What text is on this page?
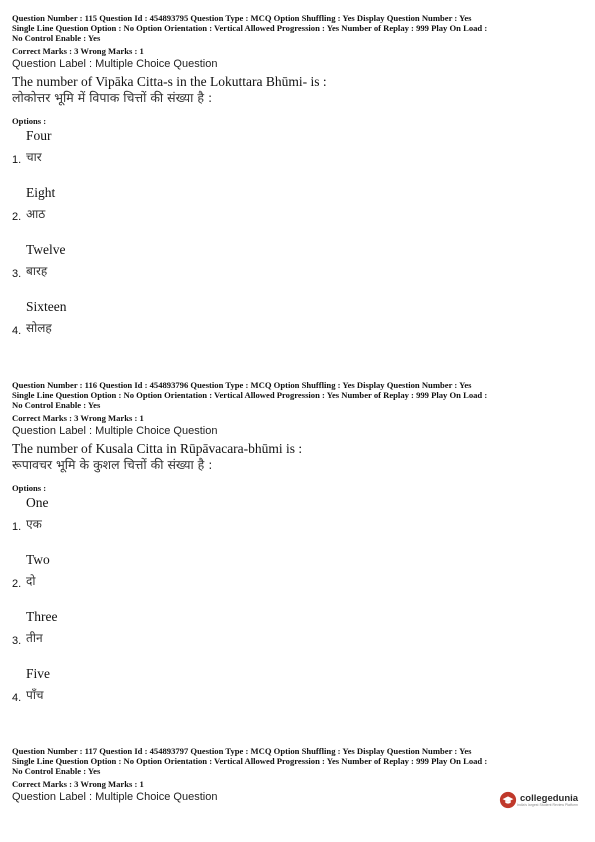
Question Number : 115 Question Id : 454893795 Question Type : MCQ Option Shuffling : Yes Display Question Number : Yes

Single Line Question Option : No Option Orientation : Vertical Allowed Progression : Yes Number of Replay : 999 Play On Load :

No Control Enable : Yes

Correct Marks : 3 Wrong Marks : 1
Question Label : Multiple Choice Question
The number of Vipāka Citta-s in the Lokuttara Bhūmi- is :
लोकोत्तर भूमि में विपाक चित्तों की संख्या है :
Options :
Four
चार
1.
Eight
आठ
2.
Twelve
बारह
3.
Sixteen
सोलह
4.

Question Number : 116 Question Id : 454893796 Question Type : MCQ Option Shuffling : Yes Display Question Number : Yes

Single Line Question Option : No Option Orientation : Vertical Allowed Progression : Yes Number of Replay : 999 Play On Load :

No Control Enable : Yes

Correct Marks : 3 Wrong Marks : 1
Question Label : Multiple Choice Question
The number of Kusala Citta in Rūpāvacara-bhūmi is :
रूपावचर भूमि के कुशल चित्तों की संख्या है :
Options :
One
एक
1.
Two
दो
2.
Three
तीन
3.
Five
पाँच
4.

Question Number : 117 Question Id : 454893797 Question Type : MCQ Option Shuffling : Yes Display Question Number : Yes

Single Line Question Option : No Option Orientation : Vertical Allowed Progression : Yes Number of Replay : 999 Play On Load :

No Control Enable : Yes

Correct Marks : 3 Wrong Marks : 1
Question Label : Multiple Choice Question	collegedunia
India's largest Student Review Platform
